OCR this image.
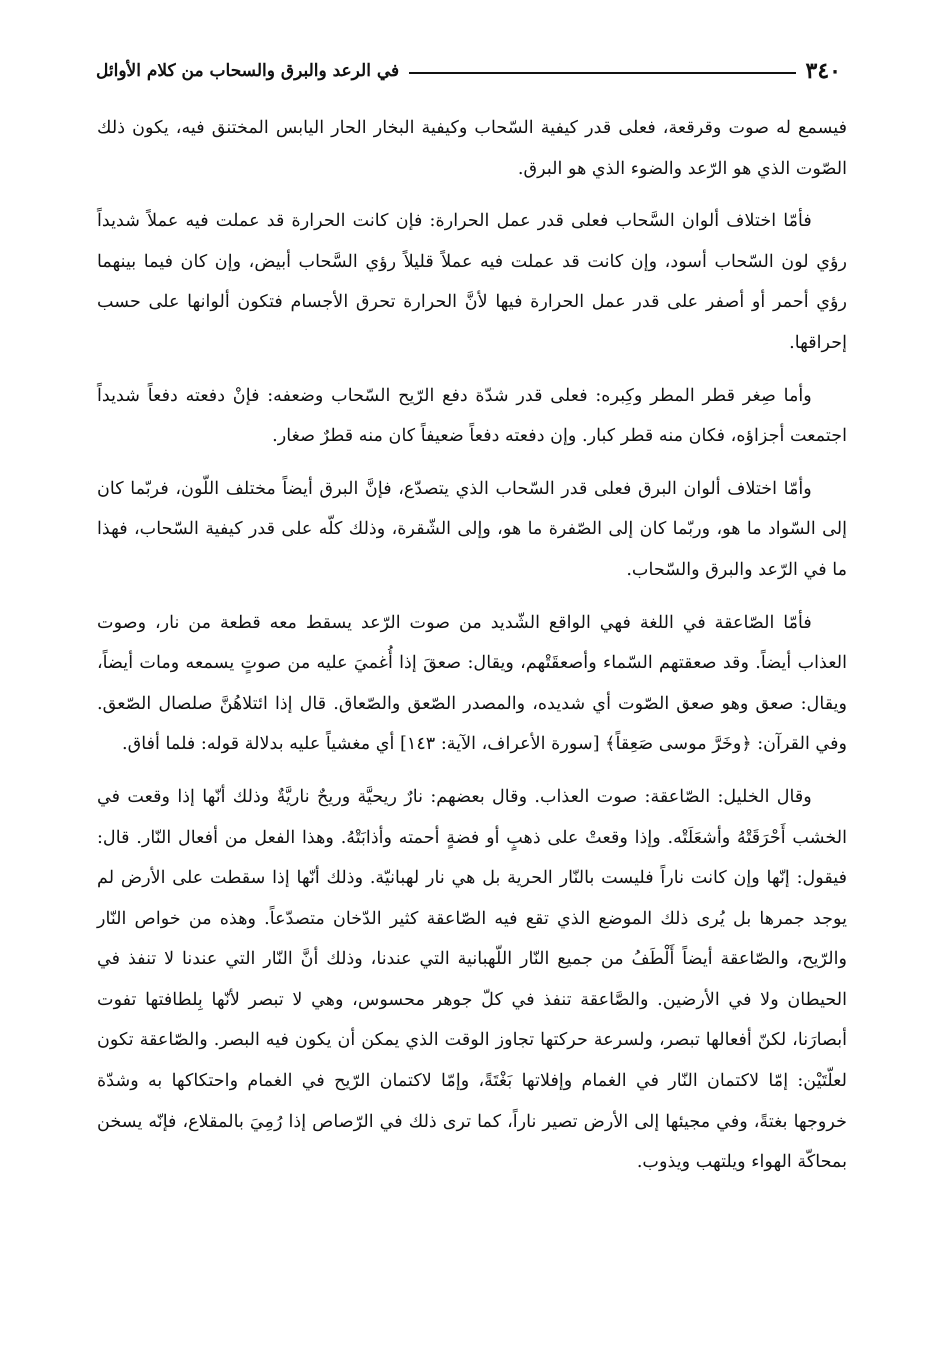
٣٤٠
في الرعد والبرق والسحاب من كلام الأوائل

فيسمع له صوت وقرقعة، فعلى قدر كيفية السّحاب وكيفية البخار الحار اليابس المختنق فيه، يكون ذلك الصّوت الذي هو الرّعد والضوء الذي هو البرق.

فأمّا اختلاف ألوان السَّحاب فعلى قدر عمل الحرارة: فإن كانت الحرارة قد عملت فيه عملاً شديداً رؤي لون السّحاب أسود، وإن كانت قد عملت فيه عملاً قليلاً رؤي السَّحاب أبيض، وإن كان فيما بينهما رؤي أحمر أو أصفر على قدر عمل الحرارة فيها لأنَّ الحرارة تحرق الأجسام فتكون ألوانها على حسب إحراقها.

وأما صِغر قطر المطر وكِبره: فعلى قدر شدّة دفع الرّيح السّحاب وضعفه: فإنْ دفعته دفعاً شديداً اجتمعت أجزاؤه، فكان منه قطر كبار. وإن دفعته دفعاً ضعيفاً كان منه قطرٌ صغار.

وأمّا اختلاف ألوان البرق فعلى قدر السّحاب الذي يتصدّع، فإنَّ البرق أيضاً مختلف اللّون، فربّما كان إلى السّواد ما هو، وربّما كان إلى الصّفرة ما هو، وإلى الشّقرة، وذلك كلّه على قدر كيفية السّحاب، فهذا ما في الرّعد والبرق والسّحاب.

فأمّا الصّاعقة في اللغة فهي الواقع الشّديد من صوت الرّعد يسقط معه قطعة من نار، وصوت العذاب أيضاً. وقد صعقتهم السّماء وأصعقَتْهم، ويقال: صعقَ إذا أُغميَ عليه من صوتٍ يسمعه ومات أيضاً، ويقال: صعق وهو صعق الصّوت أي شديده، والمصدر الصّعق والصّعاق. قال إذا ائتلاهُنَّ صلصال الصّعق. وفي القرآن: ﴿وخَرَّ موسى صَعِقاً﴾ [سورة الأعراف، الآية: ١٤٣] أي مغشياً عليه بدلالة قوله: فلما أفاق.

وقال الخليل: الصّاعقة: صوت العذاب. وقال بعضهم: نارٌ ريحيَّة وريحٌ ناريَّةٌ وذلك أنّها إذا وقعت في الخشب أَحْرَقَتْهُ وأشعَلَتْه. وإذا وقعتْ على ذهبٍ أو فضةٍ أحمته وأذابَتْهُ. وهذا الفعل من أفعال النّار. قال: فيقول: إنّها وإن كانت ناراً فليست بالنّار الحرية بل هي نار لهبانيّة. وذلك أنّها إذا سقطت على الأرض لم يوجد جمرها بل يُرى ذلك الموضع الذي تقع فيه الصّاعقة كثير الدّخان متصدّعاً. وهذه من خواص النّار والرّيح، والصّاعقة أيضاً أَلْطَفُ من جميع النّار اللّهبانية التي عندنا، وذلك أنَّ النّار التي عندنا لا تنفذ في الحيطان ولا في الأرضين. والصَّاعقة تنفذ في كلّ جوهر محسوس، وهي لا تبصر لأنّها بِلطافتها تفوت أبصارَنا، لكنّ أفعالها تبصر، ولسرعة حركتها تجاوز الوقت الذي يمكن أن يكون فيه البصر. والصّاعقة تكون لعلّتَيْن: إمّا لاكتمان النّار في الغمام وإفلاتها بَغْتَةً، وإمّا لاكتمان الرّيح في الغمام واحتكاكها به وشدّة خروجها بغتةً، وفي مجيئها إلى الأرض تصير ناراً، كما ترى ذلك في الرّصاص إذا رُمِيَ بالمقلاع، فإنّه يسخن بمحاكّة الهواء ويلتهب ويذوب.
